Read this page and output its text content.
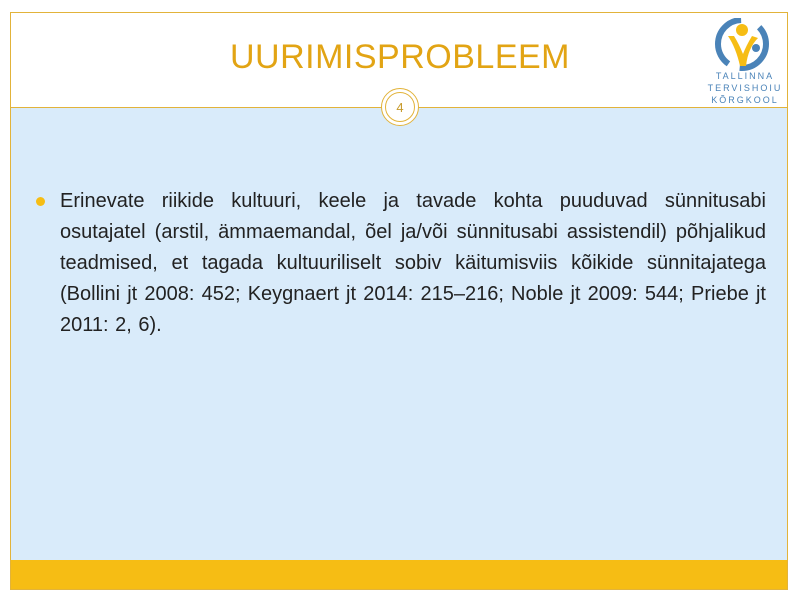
UURIMISPROBLEEM
4
TALLINNA
TERVISHOIU
KÕRGKOOL
Erinevate riikide kultuuri, keele ja tavade kohta puuduvad sünnitusabi osutajatel (arstil, ämmaemandal, õel ja/või sünnitusabi assistendil) põhjalikud teadmised, et tagada kultuuriliselt sobiv käitumisviis kõikide sünnitajatega (Bollini jt 2008: 452; Keygnaert jt 2014: 215–216; Noble jt 2009: 544; Priebe jt 2011: 2, 6).
